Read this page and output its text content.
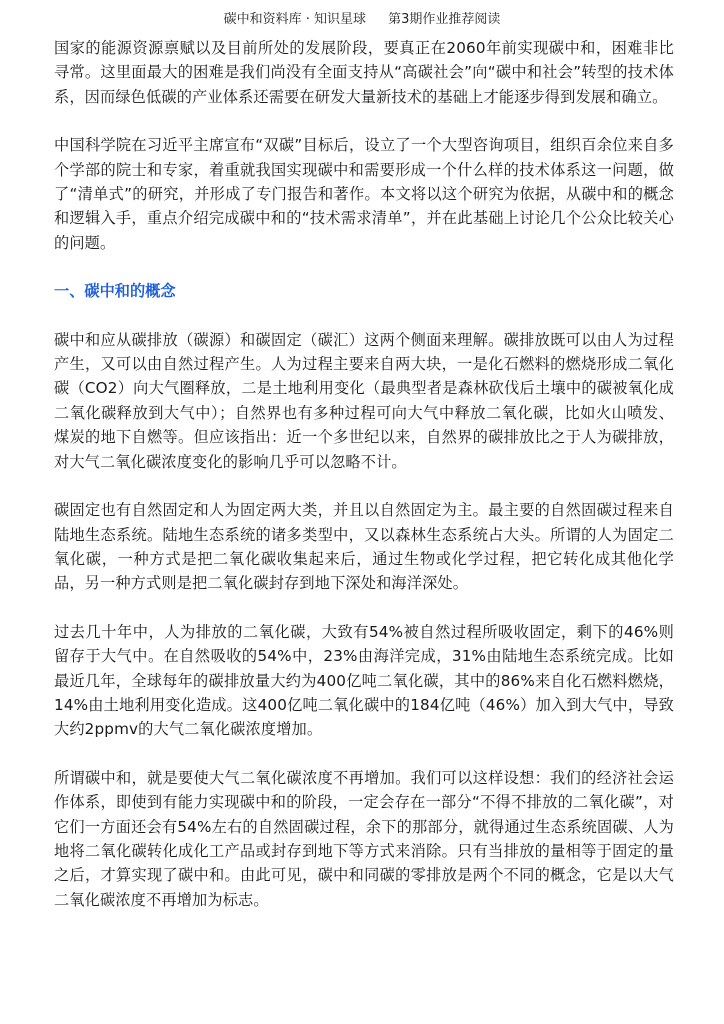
碳中和资料库 · 知识星球 第3期作业推荐阅读

国家的能源资源禀赋以及目前所处的发展阶段，要真正在2060年前实现碳中和，困难非比寻常。这里面最大的困难是我们尚没有全面支持从“高碳社会”向“碳中和社会”转型的技术体系，因而绿色低碳的产业体系还需要在研发大量新技术的基础上才能逐步得到发展和确立。

中国科学院在习近平主席宣布“双碳”目标后，设立了一个大型咨询项目，组织百余位来自多个学部的院士和专家，着重就我国实现碳中和需要形成一个什么样的技术体系这一问题，做了“清单式”的研究，并形成了专门报告和著作。本文将以这个研究为依据，从碳中和的概念和逻辑入手，重点介绍完成碳中和的“技术需求清单”，并在此基础上讨论几个公众比较关心的问题。

一、碳中和的概念

碳中和应从碳排放（碳源）和碳固定（碳汇）这两个侧面来理解。碳排放既可以由人为过程产生，又可以由自然过程产生。人为过程主要来自两大块，一是化石燃料的燃烧形成二氧化碳（CO2）向大气圈释放，二是土地利用变化（最典型者是森林砍伐后土壤中的碳被氧化成二氧化碳释放到大气中）；自然界也有多种过程可向大气中释放二氧化碳，比如火山喷发、煤炭的地下自燃等。但应该指出：近一个多世纪以来，自然界的碳排放比之于人为碳排放，对大气二氧化碳浓度变化的影响几乎可以忽略不计。

碳固定也有自然固定和人为固定两大类，并且以自然固定为主。最主要的自然固碳过程来自陆地生态系统。陆地生态系统的诸多类型中，又以森林生态系统占大头。所谓的人为固定二氧化碳，一种方式是把二氧化碳收集起来后，通过生物或化学过程，把它转化成其他化学品，另一种方式则是把二氧化碳封存到地下深处和海洋深处。

过去几十年中，人为排放的二氧化碳，大致有54%被自然过程所吸收固定，剩下的46%则留存于大气中。在自然吸收的54%中，23%由海洋完成，31%由陆地生态系统完成。比如最近几年，全球每年的碳排放量大约为400亿吨二氧化碳，其中的86%来自化石燃料燃烧，14%由土地利用变化造成。这400亿吨二氧化碳中的184亿吨（46%）加入到大气中，导致大约2ppmv的大气二氧化碳浓度增加。

所谓碳中和，就是要使大气二氧化碳浓度不再增加。我们可以这样设想：我们的经济社会运作体系，即使到有能力实现碳中和的阶段，一定会存在一部分“不得不排放的二氧化碳”，对它们一方面还会有54%左右的自然固碳过程，余下的那部分，就得通过生态系统固碳、人为地将二氧化碳转化成化工产品或封存到地下等方式来消除。只有当排放的量相等于固定的量之后，才算实现了碳中和。由此可见，碳中和同碳的零排放是两个不同的概念，它是以大气二氧化碳浓度不再增加为标志。
